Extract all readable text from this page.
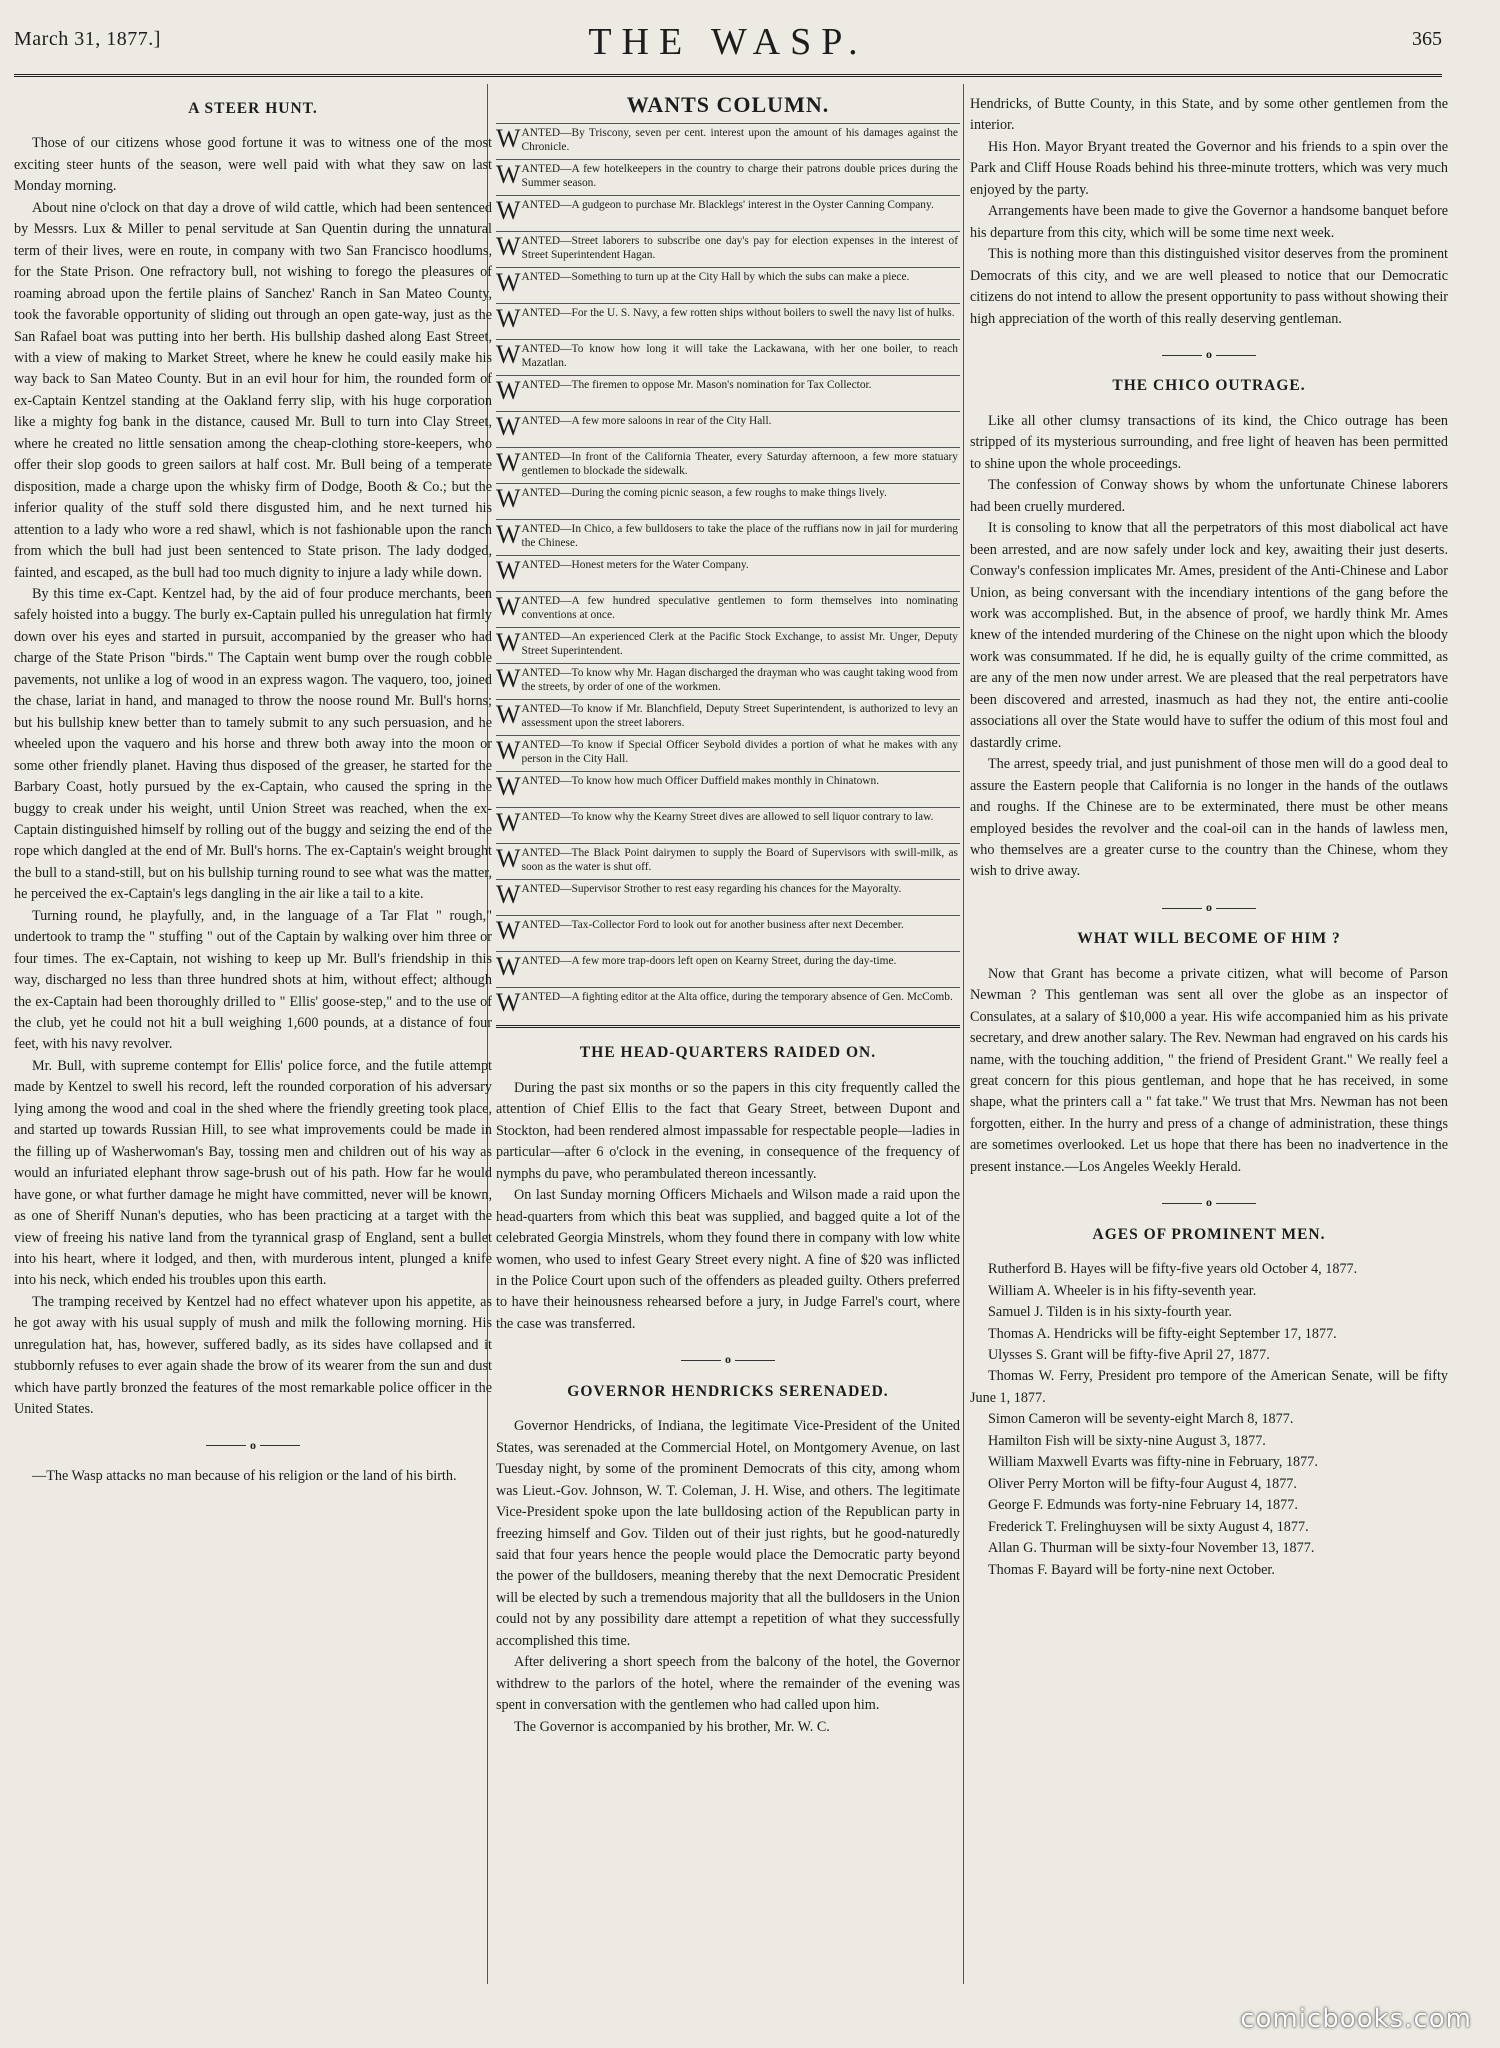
March 31, 1877.]	THE WASP.	365
A STEER HUNT.

Those of our citizens whose good fortune it was to witness one of the most exciting steer hunts of the season, were well paid with what they saw on last Monday morning.

About nine o'clock on that day a drove of wild cattle, which had been sentenced by Messrs. Lux & Miller to penal servitude at San Quentin during the unnatural term of their lives, were en route, in company with two San Francisco hoodlums, for the State Prison. One refractory bull, not wishing to forego the pleasures of roaming abroad upon the fertile plains of Sanchez' Ranch in San Mateo County, took the favorable opportunity of sliding out through an open gate-way, just as the San Rafael boat was putting into her berth. His bullship dashed along East Street, with a view of making to Market Street, where he knew he could easily make his way back to San Mateo County. But in an evil hour for him, the rounded form of ex-Captain Kentzel standing at the Oakland ferry slip, with his huge corporation like a mighty fog bank in the distance, caused Mr. Bull to turn into Clay Street, where he created no little sensation among the cheap-clothing store-keepers, who offer their slop goods to green sailors at half cost. Mr. Bull being of a temperate disposition, made a charge upon the whisky firm of Dodge, Booth & Co.; but the inferior quality of the stuff sold there disgusted him, and he next turned his attention to a lady who wore a red shawl, which is not fashionable upon the ranch from which the bull had just been sentenced to State prison. The lady dodged, fainted, and escaped, as the bull had too much dignity to injure a lady while down.

By this time ex-Capt. Kentzel had, by the aid of four produce merchants, been safely hoisted into a buggy. The burly ex-Captain pulled his unregulation hat firmly down over his eyes and started in pursuit, accompanied by the greaser who had charge of the State Prison "birds." The Captain went bump over the rough cobble pavements, not unlike a log of wood in an express wagon. The vaquero, too, joined the chase, lariat in hand, and managed to throw the noose round Mr. Bull's horns; but his bullship knew better than to tamely submit to any such persuasion, and he wheeled upon the vaquero and his horse and threw both away into the moon or some other friendly planet. Having thus disposed of the greaser, he started for the Barbary Coast, hotly pursued by the ex-Captain, who caused the spring in the buggy to creak under his weight, until Union Street was reached, when the ex-Captain distinguished himself by rolling out of the buggy and seizing the end of the rope which dangled at the end of Mr. Bull's horns. The ex-Captain's weight brought the bull to a stand-still, but on his bullship turning round to see what was the matter, he perceived the ex-Captain's legs dangling in the air like a tail to a kite.

Turning round, he playfully, and, in the language of a Tar Flat " rough," undertook to tramp the " stuffing " out of the Captain by walking over him three or four times. The ex-Captain, not wishing to keep up Mr. Bull's friendship in this way, discharged no less than three hundred shots at him, without effect; although the ex-Captain had been thoroughly drilled to " Ellis' goose-step," and to the use of the club, yet he could not hit a bull weighing 1,600 pounds, at a distance of four feet, with his navy revolver.

Mr. Bull, with supreme contempt for Ellis' police force, and the futile attempt made by Kentzel to swell his record, left the rounded corporation of his adversary lying among the wood and coal in the shed where the friendly greeting took place, and started up towards Russian Hill, to see what improvements could be made in the filling up of Washerwoman's Bay, tossing men and children out of his way as would an infuriated elephant throw sage-brush out of his path. How far he would have gone, or what further damage he might have committed, never will be known, as one of Sheriff Nunan's deputies, who has been practicing at a target with the view of freeing his native land from the tyrannical grasp of England, sent a bullet into his heart, where it lodged, and then, with murderous intent, plunged a knife into his neck, which ended his troubles upon this earth.

The tramping received by Kentzel had no effect whatever upon his appetite, as he got away with his usual supply of mush and milk the following morning. His unregulation hat, has, however, suffered badly, as its sides have collapsed and it stubbornly refuses to ever again shade the brow of its wearer from the sun and dust which have partly bronzed the features of the most remarkable police officer in the United States.

o

—The Wasp attacks no man because of his religion or the land of his birth.

WANTS COLUMN.
WANTED—By Triscony, seven per cent. interest upon the amount of his damages against the Chronicle.
WANTED—A few hotelkeepers in the country to charge their patrons double prices during the Summer season.
WANTED—A gudgeon to purchase Mr. Blacklegs' interest in the Oyster Canning Company.
WANTED—Street laborers to subscribe one day's pay for election expenses in the interest of Street Superintendent Hagan.
WANTED—Something to turn up at the City Hall by which the subs can make a piece.
WANTED—For the U. S. Navy, a few rotten ships without boilers to swell the navy list of hulks.
WANTED—To know how long it will take the Lackawana, with her one boiler, to reach Mazatlan.
WANTED—The firemen to oppose Mr. Mason's nomination for Tax Collector.
WANTED—A few more saloons in rear of the City Hall.
WANTED—In front of the California Theater, every Saturday afternoon, a few more statuary gentlemen to blockade the sidewalk.
WANTED—During the coming picnic season, a few roughs to make things lively.
WANTED—In Chico, a few bulldosers to take the place of the ruffians now in jail for murdering the Chinese.
WANTED—Honest meters for the Water Company.
WANTED—A few hundred speculative gentlemen to form themselves into nominating conventions at once.
WANTED—An experienced Clerk at the Pacific Stock Exchange, to assist Mr. Unger, Deputy Street Superintendent.
WANTED—To know why Mr. Hagan discharged the drayman who was caught taking wood from the streets, by order of one of the workmen.
WANTED—To know if Mr. Blanchfield, Deputy Street Superintendent, is authorized to levy an assessment upon the street laborers.
WANTED—To know if Special Officer Seybold divides a portion of what he makes with any person in the City Hall.
WANTED—To know how much Officer Duffield makes monthly in Chinatown.
WANTED—To know why the Kearny Street dives are allowed to sell liquor contrary to law.
WANTED—The Black Point dairymen to supply the Board of Supervisors with swill-milk, as soon as the water is shut off.
WANTED—Supervisor Strother to rest easy regarding his chances for the Mayoralty.
WANTED—Tax-Collector Ford to look out for another business after next December.
WANTED—A few more trap-doors left open on Kearny Street, during the day-time.
WANTED—A fighting editor at the Alta office, during the temporary absence of Gen. McComb.
THE HEAD-QUARTERS RAIDED ON.

During the past six months or so the papers in this city frequently called the attention of Chief Ellis to the fact that Geary Street, between Dupont and Stockton, had been rendered almost impassable for respectable people—ladies in particular—after 6 o'clock in the evening, in consequence of the frequency of nymphs du pave, who perambulated thereon incessantly.

On last Sunday morning Officers Michaels and Wilson made a raid upon the head-quarters from which this beat was supplied, and bagged quite a lot of the celebrated Georgia Minstrels, whom they found there in company with low white women, who used to infest Geary Street every night. A fine of $20 was inflicted in the Police Court upon such of the offenders as pleaded guilty. Others preferred to have their heinousness rehearsed before a jury, in Judge Farrel's court, where the case was transferred.

o
GOVERNOR HENDRICKS SERENADED.

Governor Hendricks, of Indiana, the legitimate Vice-President of the United States, was serenaded at the Commercial Hotel, on Montgomery Avenue, on last Tuesday night, by some of the prominent Democrats of this city, among whom was Lieut.-Gov. Johnson, W. T. Coleman, J. H. Wise, and others. The legitimate Vice-President spoke upon the late bulldosing action of the Republican party in freezing himself and Gov. Tilden out of their just rights, but he good-naturedly said that four years hence the people would place the Democratic party beyond the power of the bulldosers, meaning thereby that the next Democratic President will be elected by such a tremendous majority that all the bulldosers in the Union could not by any possibility dare attempt a repetition of what they successfully accomplished this time.

After delivering a short speech from the balcony of the hotel, the Governor withdrew to the parlors of the hotel, where the remainder of the evening was spent in conversation with the gentlemen who had called upon him.

The Governor is accompanied by his brother, Mr. W. C.

Hendricks, of Butte County, in this State, and by some other gentlemen from the interior.

His Hon. Mayor Bryant treated the Governor and his friends to a spin over the Park and Cliff House Roads behind his three-minute trotters, which was very much enjoyed by the party.

Arrangements have been made to give the Governor a handsome banquet before his departure from this city, which will be some time next week.

This is nothing more than this distinguished visitor deserves from the prominent Democrats of this city, and we are well pleased to notice that our Democratic citizens do not intend to allow the present opportunity to pass without showing their high appreciation of the worth of this really deserving gentleman.

o
THE CHICO OUTRAGE.

Like all other clumsy transactions of its kind, the Chico outrage has been stripped of its mysterious surrounding, and free light of heaven has been permitted to shine upon the whole proceedings.

The confession of Conway shows by whom the unfortunate Chinese laborers had been cruelly murdered.

It is consoling to know that all the perpetrators of this most diabolical act have been arrested, and are now safely under lock and key, awaiting their just deserts. Conway's confession implicates Mr. Ames, president of the Anti-Chinese and Labor Union, as being conversant with the incendiary intentions of the gang before the work was accomplished. But, in the absence of proof, we hardly think Mr. Ames knew of the intended murdering of the Chinese on the night upon which the bloody work was consummated. If he did, he is equally guilty of the crime committed, as are any of the men now under arrest. We are pleased that the real perpetrators have been discovered and arrested, inasmuch as had they not, the entire anti-coolie associations all over the State would have to suffer the odium of this most foul and dastardly crime.

The arrest, speedy trial, and just punishment of those men will do a good deal to assure the Eastern people that California is no longer in the hands of the outlaws and roughs. If the Chinese are to be exterminated, there must be other means employed besides the revolver and the coal-oil can in the hands of lawless men, who themselves are a greater curse to the country than the Chinese, whom they wish to drive away.

o
WHAT WILL BECOME OF HIM ?

Now that Grant has become a private citizen, what will become of Parson Newman ? This gentleman was sent all over the globe as an inspector of Consulates, at a salary of $10,000 a year. His wife accompanied him as his private secretary, and drew another salary. The Rev. Newman had engraved on his cards his name, with the touching addition, " the friend of President Grant." We really feel a great concern for this pious gentleman, and hope that he has received, in some shape, what the printers call a " fat take." We trust that Mrs. Newman has not been forgotten, either. In the hurry and press of a change of administration, these things are sometimes overlooked. Let us hope that there has been no inadvertence in the present instance.—Los Angeles Weekly Herald.

o
AGES OF PROMINENT MEN.

Rutherford B. Hayes will be fifty-five years old October 4, 1877.

William A. Wheeler is in his fifty-seventh year.

Samuel J. Tilden is in his sixty-fourth year.

Thomas A. Hendricks will be fifty-eight September 17, 1877.

Ulysses S. Grant will be fifty-five April 27, 1877.

Thomas W. Ferry, President pro tempore of the American Senate, will be fifty June 1, 1877.

Simon Cameron will be seventy-eight March 8, 1877.

Hamilton Fish will be sixty-nine August 3, 1877.

William Maxwell Evarts was fifty-nine in February, 1877.

Oliver Perry Morton will be fifty-four August 4, 1877.

George F. Edmunds was forty-nine February 14, 1877.

Frederick T. Frelinghuysen will be sixty August 4, 1877.

Allan G. Thurman will be sixty-four November 13, 1877.

Thomas F. Bayard will be forty-nine next October.

comicbooks.com
